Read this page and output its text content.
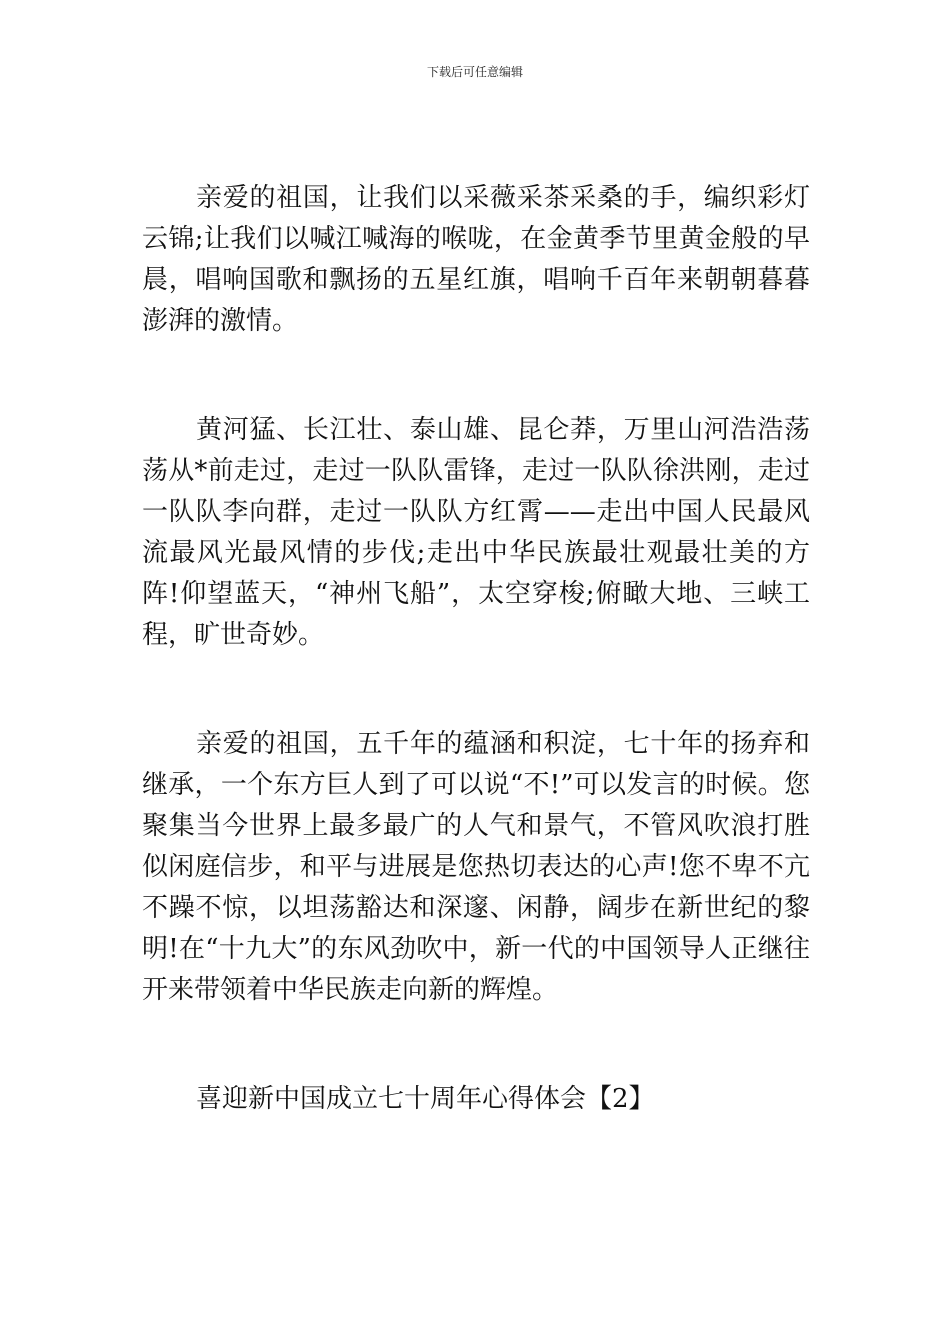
下载后可任意编辑

亲爱的祖国，让我们以采薇采茶采桑的手，编织彩灯云锦;让我们以喊江喊海的喉咙，在金黄季节里黄金般的早晨，唱响国歌和飘扬的五星红旗，唱响千百年来朝朝暮暮澎湃的激情。

黄河猛、长江壮、泰山雄、昆仑莽，万里山河浩浩荡荡从*前走过，走过一队队雷锋，走过一队队徐洪刚，走过一队队李向群，走过一队队方红霄——走出中国人民最风流最风光最风情的步伐;走出中华民族最壮观最壮美的方阵!仰望蓝天，“神州飞船”，太空穿梭;俯瞰大地、三峡工程，旷世奇妙。

亲爱的祖国，五千年的蕴涵和积淀，七十年的扬弃和继承，一个东方巨人到了可以说“不!”可以发言的时候。您聚集当今世界上最多最广的人气和景气，不管风吹浪打胜似闲庭信步，和平与进展是您热切表达的心声!您不卑不亢不躁不惊，以坦荡豁达和深邃、闲静，阔步在新世纪的黎明!在“十九大”的东风劲吹中，新一代的中国领导人正继往开来带领着中华民族走向新的辉煌。

喜迎新中国成立七十周年心得体会【2】
